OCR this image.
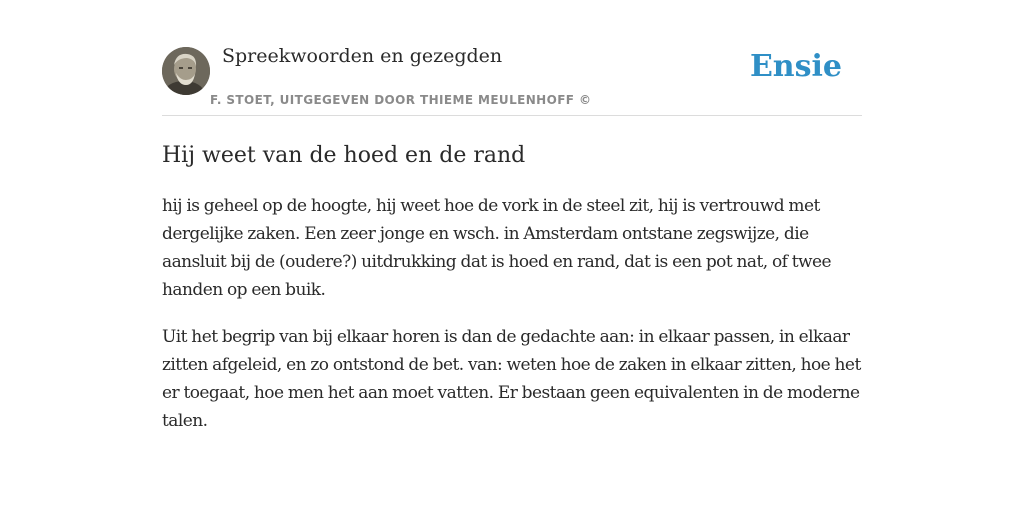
Spreekwoorden en gezegden
F. STOET, UITGEGEVEN DOOR THIEME MEULENHOFF ©
Ensie
Hij weet van de hoed en de rand

hij is geheel op de hoogte, hij weet hoe de vork in de steel zit, hij is vertrouwd met dergelijke zaken. Een zeer jonge en wsch. in Amsterdam ontstane zegswijze, die aansluit bij de (oudere?) uitdrukking dat is hoed en rand, dat is een pot nat, of twee handen op een buik.

Uit het begrip van bij elkaar horen is dan de gedachte aan: in elkaar passen, in elkaar zitten afgeleid, en zo ontstond de bet. van: weten hoe de zaken in elkaar zitten, hoe het er toegaat, hoe men het aan moet vatten. Er bestaan geen equivalenten in de moderne talen.
